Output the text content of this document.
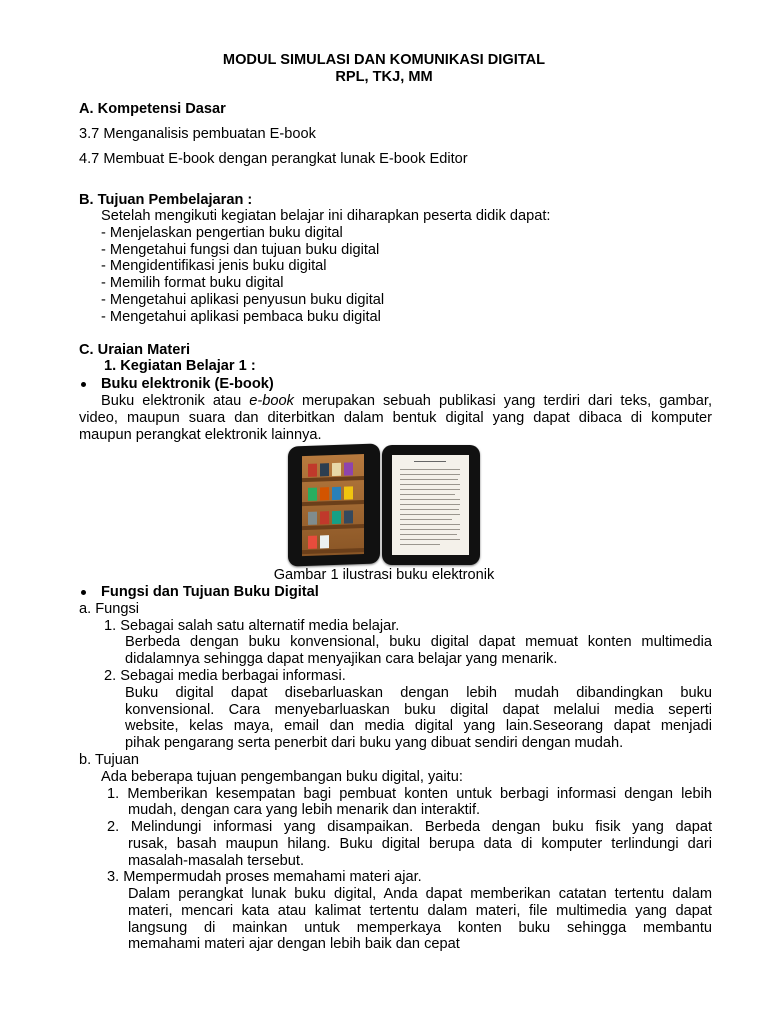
MODUL SIMULASI DAN KOMUNIKASI DIGITAL
RPL, TKJ, MM
A. Kompetensi Dasar
3.7 Menganalisis pembuatan E-book
4.7 Membuat E-book dengan perangkat lunak E-book Editor
B. Tujuan Pembelajaran :
Setelah mengikuti kegiatan belajar ini diharapkan peserta didik dapat:
- Menjelaskan pengertian buku digital
- Mengetahui fungsi dan tujuan buku digital
- Mengidentifikasi jenis buku digital
- Memilih format buku digital
- Mengetahui aplikasi penyusun buku digital
- Mengetahui aplikasi pembaca buku digital
C. Uraian Materi
1. Kegiatan Belajar 1 :
Buku elektronik (E-book)
Buku elektronik atau e-book merupakan sebuah publikasi yang terdiri dari teks, gambar,
video, maupun suara dan diterbitkan dalam bentuk digital yang dapat dibaca di komputer
maupun perangkat elektronik lainnya.
Gambar 1 ilustrasi buku elektronik
Fungsi dan Tujuan Buku Digital
a. Fungsi
1. Sebagai salah satu alternatif media belajar.
Berbeda dengan buku konvensional, buku digital dapat memuat konten multimedia
didalamnya sehingga dapat menyajikan cara belajar yang menarik.
2. Sebagai media berbagai informasi.
Buku digital dapat disebarluaskan dengan lebih mudah dibandingkan buku
konvensional. Cara menyebarluaskan buku digital dapat melalui media seperti
website, kelas maya, email dan media digital yang lain.Seseorang dapat menjadi
pihak pengarang serta penerbit dari buku yang dibuat sendiri dengan mudah.
b. Tujuan
Ada beberapa tujuan pengembangan buku digital, yaitu:
1. Memberikan kesempatan bagi pembuat konten untuk berbagi informasi dengan lebih
mudah, dengan cara yang lebih menarik dan interaktif.
2. Melindungi informasi yang disampaikan. Berbeda dengan buku fisik yang dapat
rusak, basah maupun hilang. Buku digital berupa data di komputer terlindungi dari
masalah-masalah tersebut.
3. Mempermudah proses memahami materi ajar.
Dalam perangkat lunak buku digital, Anda dapat memberikan catatan tertentu dalam
materi, mencari kata atau kalimat tertentu dalam materi, file multimedia yang dapat
langsung di mainkan untuk memperkaya konten buku sehingga membantu
memahami materi ajar dengan lebih baik dan cepat
